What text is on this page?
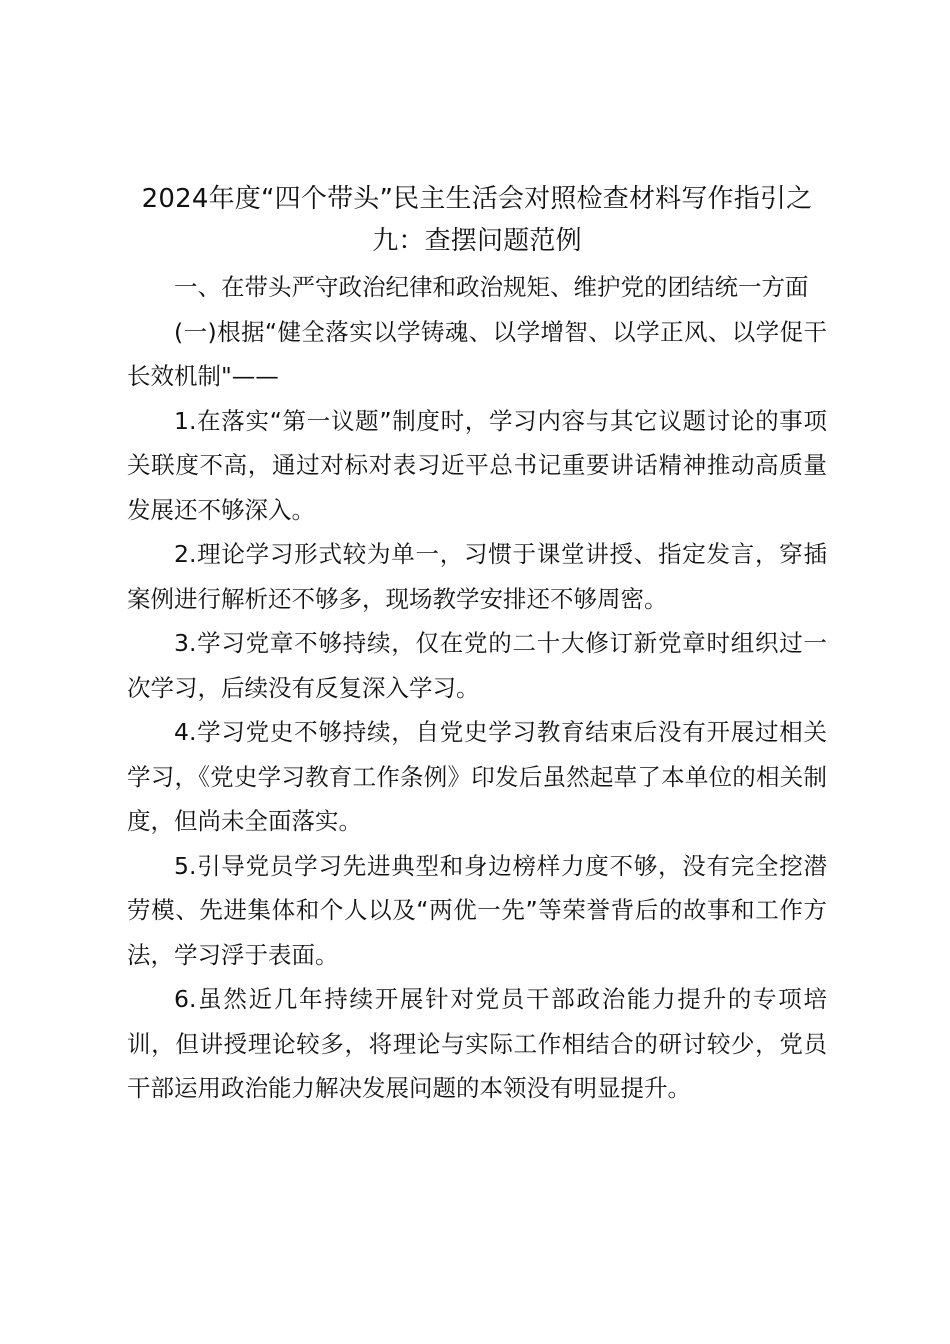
2024年度“四个带头”民主生活会对照检查材料写作指引之九：查摆问题范例

一、在带头严守政治纪律和政治规矩、维护党的团结统一方面

(一)根据“健全落实以学铸魂、以学增智、以学正风、以学促干长效机制"——

1.在落实“第一议题”制度时，学习内容与其它议题讨论的事项关联度不高，通过对标对表习近平总书记重要讲话精神推动高质量发展还不够深入。

2.理论学习形式较为单一，习惯于课堂讲授、指定发言，穿插案例进行解析还不够多，现场教学安排还不够周密。

3.学习党章不够持续，仅在党的二十大修订新党章时组织过一次学习，后续没有反复深入学习。

4.学习党史不够持续，自党史学习教育结束后没有开展过相关学习，《党史学习教育工作条例》印发后虽然起草了本单位的相关制度，但尚未全面落实。

5.引导党员学习先进典型和身边榜样力度不够，没有完全挖潜劳模、先进集体和个人以及“两优一先”等荣誉背后的故事和工作方法，学习浮于表面。

6.虽然近几年持续开展针对党员干部政治能力提升的专项培训，但讲授理论较多，将理论与实际工作相结合的研讨较少，党员干部运用政治能力解决发展问题的本领没有明显提升。
